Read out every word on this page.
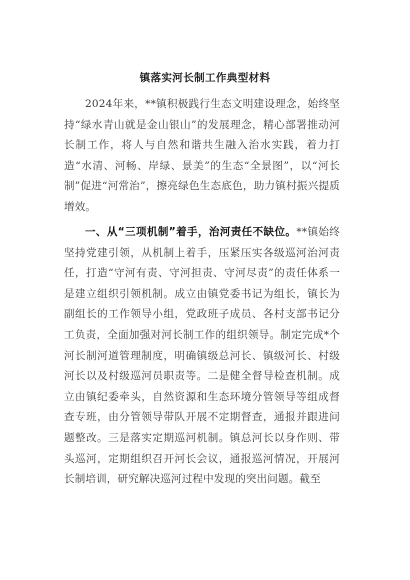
镇落实河长制工作典型材料

2024年来，**镇积极践行生态文明建设理念，始终坚持“绿水青山就是金山银山”的发展理念，精心部署推动河长制工作，将人与自然和谐共生融入治水实践，着力打造“水清、河畅、岸绿、景美”的生态“全景图”，以“河长制”促进“河常治”，擦亮绿色生态底色，助力镇村振兴提质增效。

一、从“三项机制”着手，治河责任不缺位。**镇始终坚持党建引领，从机制上着手，压紧压实各级巡河治河责任，打造“守河有责、守河担责、守河尽责”的责任体系一是建立组织引领机制。成立由镇党委书记为组长，镇长为副组长的工作领导小组，党政班子成员、各村支部书记分工负责，全面加强对河长制工作的组织领导。制定完成*个河长制河道管理制度，明确镇级总河长、镇级河长、村级河长以及村级巡河员职责等。二是健全督导检查机制。成立由镇纪委牵头，自然资源和生态环境分管领导等组成督查专班，由分管领导带队开展不定期督查，通报并跟进问题整改。三是落实定期巡河机制。镇总河长以身作则、带头巡河，定期组织召开河长会议，通报巡河情况，开展河长制培训，研究解决巡河过程中发现的突出问题。截至
